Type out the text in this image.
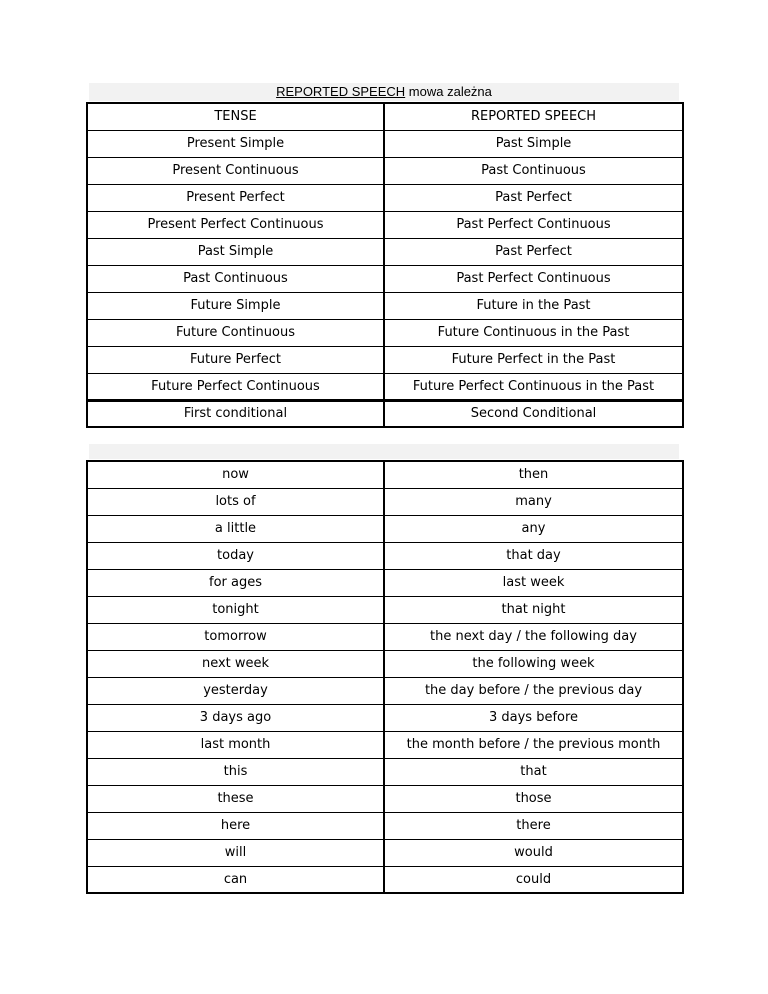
REPORTED SPEECH mowa zależna
TENSE	REPORTED SPEECH
Present Simple	Past Simple
Present Continuous	Past Continuous
Present Perfect	Past Perfect
Present Perfect Continuous	Past Perfect Continuous
Past Simple	Past Perfect
Past Continuous	Past Perfect Continuous
Future Simple	Future in the Past
Future Continuous	Future Continuous in the Past
Future Perfect	Future Perfect in the Past
Future Perfect Continuous	Future Perfect Continuous in the Past
First conditional	Second Conditional
now	then
lots of	many
a little	any
today	that day
for ages	last week
tonight	that night
tomorrow	the next day / the following day
next week	the following week
yesterday	the day before / the previous day
3 days ago	3 days before
last month	the month before / the previous month
this	that
these	those
here	there
will	would
can	could
